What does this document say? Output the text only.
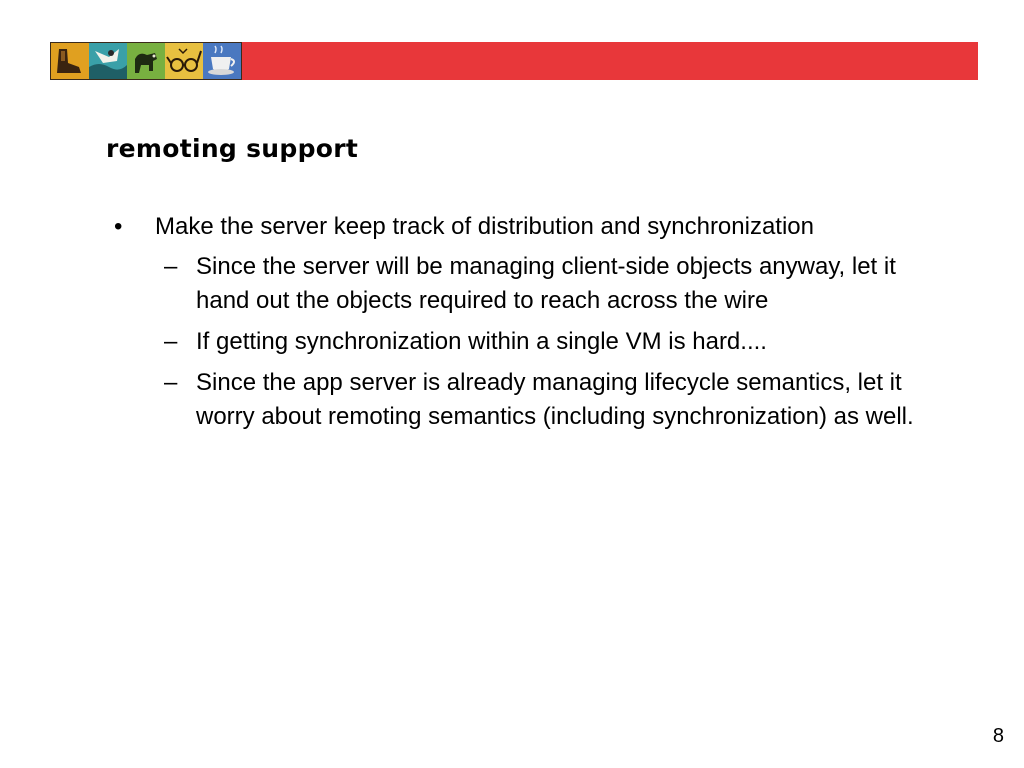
remoting support
•	Make the server keep track of distribution and synchronization
– Since the server will be managing client-side objects anyway, let it hand out the objects required to reach across the wire
– If getting synchronization within a single VM is hard....
– Since the app server is already managing lifecycle semantics, let it worry about remoting semantics (including synchronization) as well.
8
